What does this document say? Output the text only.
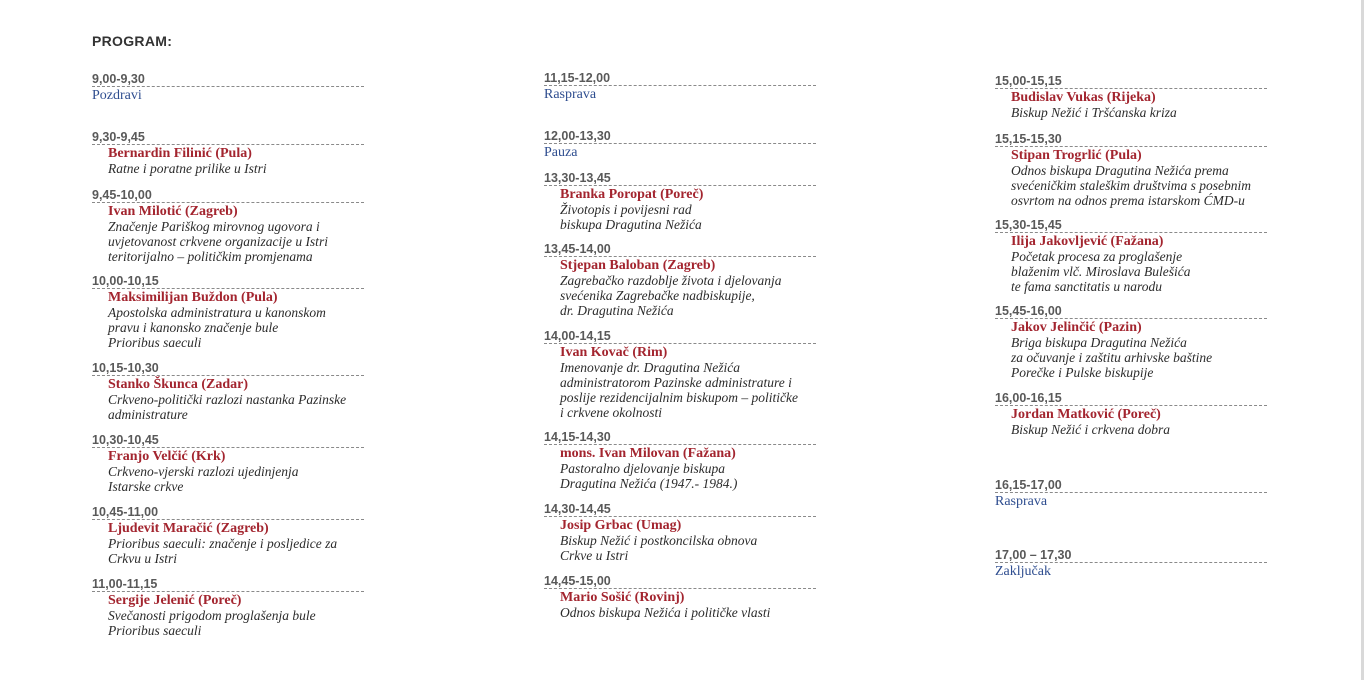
PROGRAM:
9,00-9,30
Pozdravi
9,30-9,45
Bernardin Filinić (Pula)
Ratne i poratne prilike u Istri
9,45-10,00
Ivan Milotić (Zagreb)
Značenje Pariškog mirovnog ugovora i
uvjetovanost crkvene organizacije u Istri
teritorijalno – političkim promjenama
10,00-10,15
Maksimilijan Buždon (Pula)
Apostolska administratura u kanonskom
pravu i kanonsko značenje bule
Prioribus saeculi
10,15-10,30
Stanko Škunca (Zadar)
Crkveno-politički razlozi nastanka Pazinske
administrature
10,30-10,45
Franjo Velčić (Krk)
Crkveno-vjerski razlozi ujedinjenja
Istarske crkve
10,45-11,00
Ljudevit Maračić (Zagreb)
Prioribus saeculi: značenje i posljedice za
Crkvu u Istri
11,00-11,15
Sergije Jelenić (Poreč)
Svečanosti prigodom proglašenja bule
Prioribus saeculi
11,15-12,00
Rasprava
12,00-13,30
Pauza
13,30-13,45
Branka Poropat (Poreč)
Životopis i povijesni rad
biskupa Dragutina Nežića
13,45-14,00
Stjepan Baloban (Zagreb)
Zagrebačko razdoblje života i djelovanja
svećenika Zagrebačke nadbiskupije,
dr. Dragutina Nežića
14,00-14,15
Ivan Kovač (Rim)
Imenovanje dr. Dragutina Nežića
administratorom Pazinske administrature i
poslije rezidencijalnim biskupom – političke
i crkvene okolnosti
14,15-14,30
mons. Ivan Milovan (Fažana)
Pastoralno djelovanje biskupa
Dragutina Nežića (1947.- 1984.)
14,30-14,45
Josip Grbac (Umag)
Biskup Nežić i postkoncilska obnova
Crkve u Istri
14,45-15,00
Mario Sošić (Rovinj)
Odnos biskupa Nežića i političke vlasti
15,00-15,15
Budislav Vukas (Rijeka)
Biskup Nežić i Tršćanska kriza
15,15-15,30
Stipan Trogrlić (Pula)
Odnos biskupa Dragutina Nežića prema
svećeničkim staleškim društvima s posebnim
osvrtom na odnos prema istarskom ĆMD-u
15,30-15,45
Ilija Jakovljević (Fažana)
Početak procesa za proglašenje
blaženim vlč. Miroslava Bulešića
te fama sanctitatis u narodu
15,45-16,00
Jakov Jelinčić (Pazin)
Briga biskupa Dragutina Nežića
za očuvanje i zaštitu arhivske baštine
Porečke i Pulske biskupije
16,00-16,15
Jordan Matković (Poreč)
Biskup Nežić i crkvena dobra
16,15-17,00
Rasprava
17,00 – 17,30
Zaključak
